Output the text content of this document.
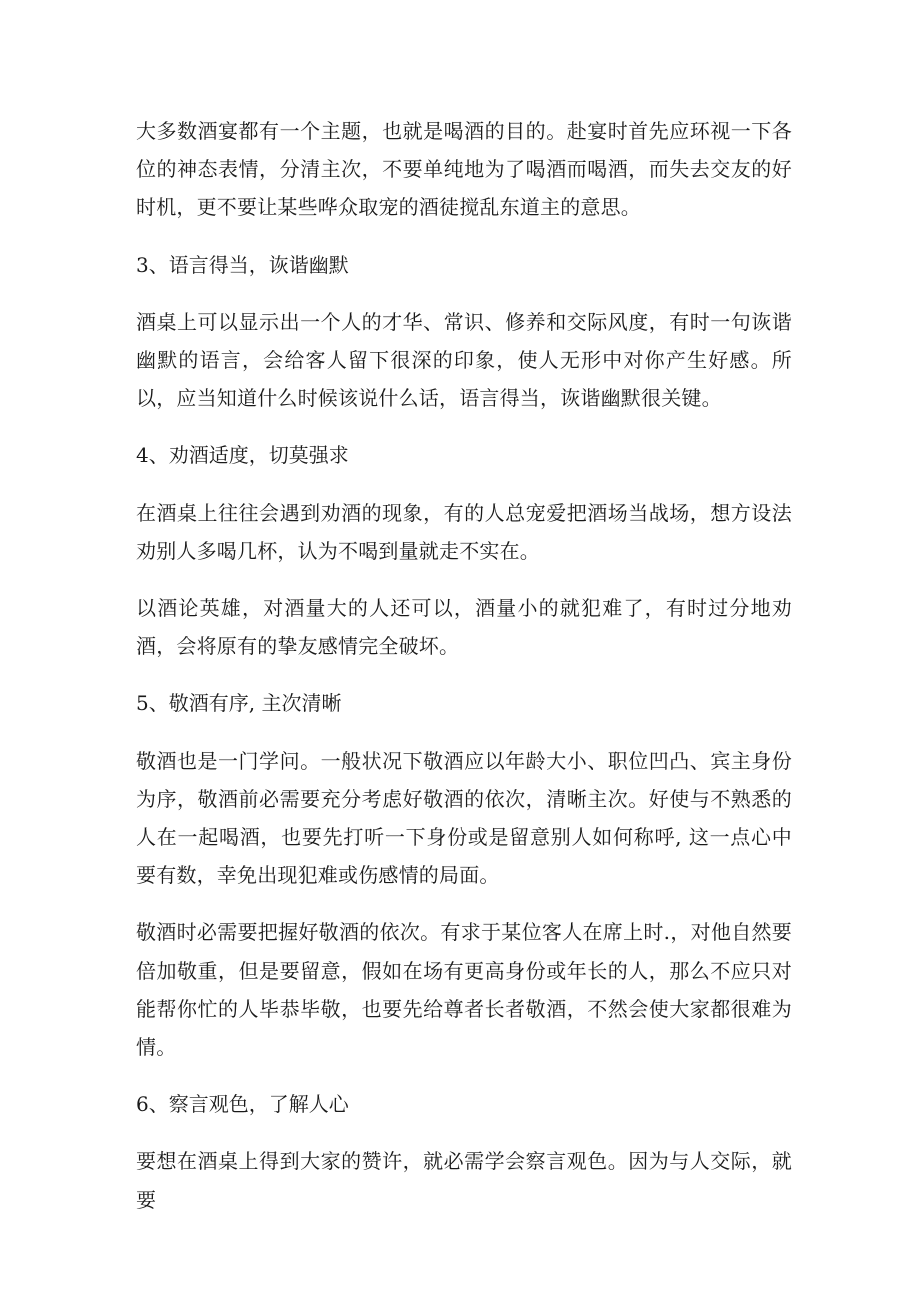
大多数酒宴都有一个主题，也就是喝酒的目的。赴宴时首先应环视一下各位的神态表情，分清主次，不要单纯地为了喝酒而喝酒，而失去交友的好时机，更不要让某些哗众取宠的酒徒搅乱东道主的意思。

3、语言得当，诙谐幽默

酒桌上可以显示出一个人的才华、常识、修养和交际风度，有时一句诙谐幽默的语言，会给客人留下很深的印象，使人无形中对你产生好感。所以，应当知道什么时候该说什么话，语言得当，诙谐幽默很关键。

4、劝酒适度，切莫强求

在酒桌上往往会遇到劝酒的现象，有的人总宠爱把酒场当战场，想方设法劝别人多喝几杯，认为不喝到量就走不实在。

以酒论英雄，对酒量大的人还可以，酒量小的就犯难了，有时过分地劝酒，会将原有的挚友感情完全破坏。

5、敬酒有序, 主次清晰

敬酒也是一门学问。一般状况下敬酒应以年龄大小、职位凹凸、宾主身份为序，敬酒前必需要充分考虑好敬酒的依次，清晰主次。好使与不熟悉的人在一起喝酒，也要先打听一下身份或是留意别人如何称呼, 这一点心中要有数，幸免出现犯难或伤感情的局面。

敬酒时必需要把握好敬酒的依次。有求于某位客人在席上时.，对他自然要倍加敬重，但是要留意，假如在场有更高身份或年长的人，那么不应只对能帮你忙的人毕恭毕敬，也要先给尊者长者敬酒，不然会使大家都很难为情。

6、察言观色，了解人心

要想在酒桌上得到大家的赞许，就必需学会察言观色。因为与人交际，就要
